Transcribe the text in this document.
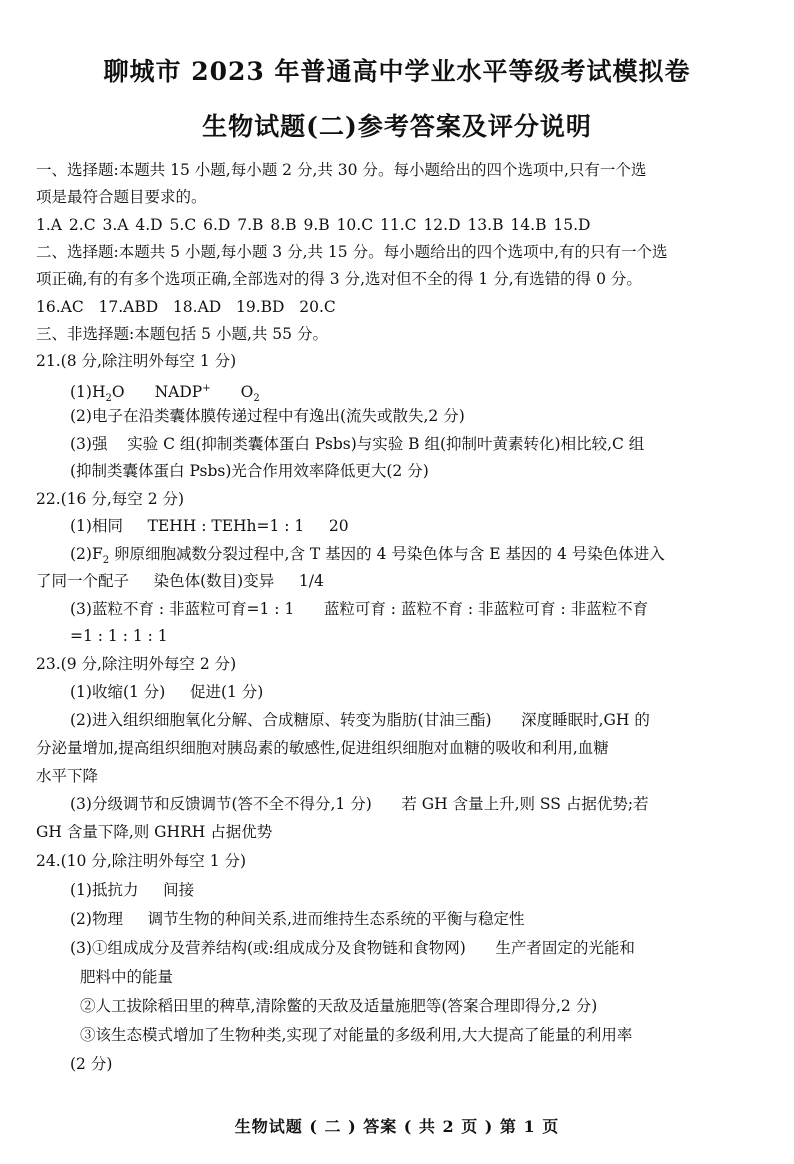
聊城市 2023 年普通高中学业水平等级考试模拟卷
生物试题(二)参考答案及评分说明
一、选择题:本题共 15 小题,每小题 2 分,共 30 分。每小题给出的四个选项中,只有一个选
项是最符合题目要求的。
1.A 2.C 3.A 4.D 5.C 6.D 7.B 8.B 9.B 10.C 11.C 12.D 13.B 14.B 15.D
二、选择题:本题共 5 小题,每小题 3 分,共 15 分。每小题给出的四个选项中,有的只有一个选
项正确,有的有多个选项正确,全部选对的得 3 分,选对但不全的得 1 分,有选错的得 0 分。
16.AC   17.ABD   18.AD   19.BD   20.C
三、非选择题:本题包括 5 小题,共 55 分。
21.(8 分,除注明外每空 1 分)
$(1)H_2O$ NADP+ $O_2$
(2)电子在沿类囊体膜传递过程中有逸出(流失或散失,2 分)
(3)强    实验 C 组(抑制类囊体蛋白 Psbs)与实验 B 组(抑制叶黄素转化)相比较,C 组
(抑制类囊体蛋白 Psbs)光合作用效率降低更大(2 分)
22.(16 分,每空 2 分)
(1)相同     TEHH : TEHh=1 : 1     20
$(2)F_2$ 卵原细胞减数分裂过程中,含 T 基因的 4 号染色体与含 E 基因的 4 号染色体进入
了同一个配子     染色体(数目)变异     1/4
(3)蓝粒不育 : 非蓝粒可育=1 : 1      蓝粒可育 : 蓝粒不育 : 非蓝粒可育 : 非蓝粒不育
=1 : 1 : 1 : 1
23.(9 分,除注明外每空 2 分)
(1)收缩(1 分)     促进(1 分)
(2)进入组织细胞氧化分解、合成糖原、转变为脂肪(甘油三酯)      深度睡眠时,GH 的
分泌量增加,提高组织细胞对胰岛素的敏感性,促进组织细胞对血糖的吸收和利用,血糖
水平下降
(3)分级调节和反馈调节(答不全不得分,1 分)      若 GH 含量上升,则 SS 占据优势;若
GH 含量下降,则 GHRH 占据优势
24.(10 分,除注明外每空 1 分)
(1)抵抗力     间接
(2)物理     调节生物的种间关系,进而维持生态系统的平衡与稳定性
(3)①组成成分及营养结构(或:组成成分及食物链和食物网)      生产者固定的光能和
肥料中的能量
②人工拔除稻田里的稗草,清除鳖的天敌及适量施肥等(答案合理即得分,2 分)
③该生态模式增加了生物种类,实现了对能量的多级利用,大大提高了能量的利用率
(2 分)
生物试题 ( 二 ) 答案 ( 共 2 页 ) 第 1 页
